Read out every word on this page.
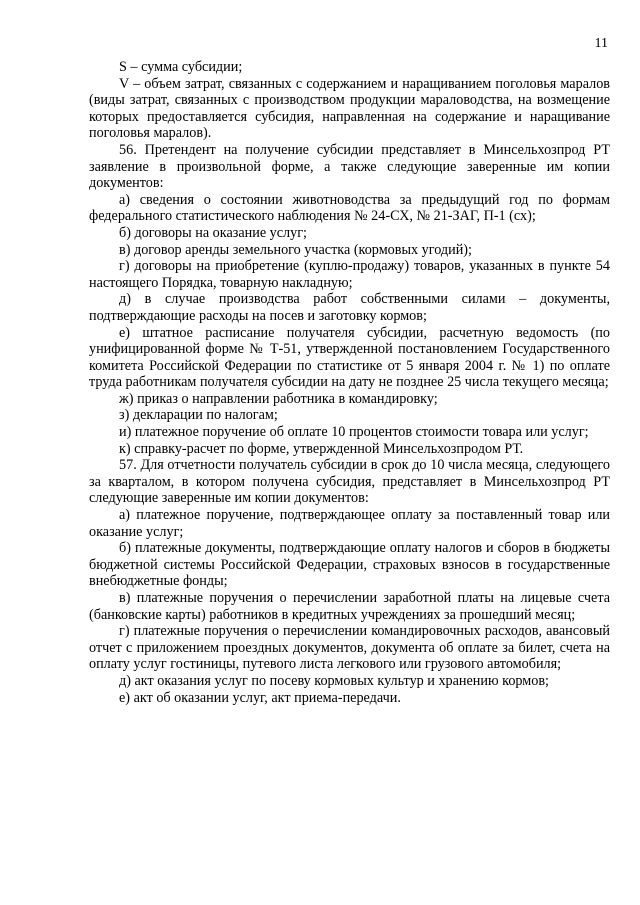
11

S – сумма субсидии;

V – объем затрат, связанных с содержанием и наращиванием поголовья маралов (виды затрат, связанных с производством продукции мараловодства, на возмещение которых предоставляется субсидия, направленная на содержание и наращивание поголовья маралов).

56. Претендент на получение субсидии представляет в Минсельхозпрод РТ заявление в произвольной форме, а также следующие заверенные им копии документов:

а) сведения о состоянии животноводства за предыдущий год по формам федерального статистического наблюдения № 24-СХ, № 21-ЗАГ, П-1 (сх);

б) договоры на оказание услуг;

в) договор аренды земельного участка (кормовых угодий);

г) договоры на приобретение (куплю-продажу) товаров, указанных в пункте 54 настоящего Порядка, товарную накладную;

д) в случае производства работ собственными силами – документы, подтверждающие расходы на посев и заготовку кормов;

е) штатное расписание получателя субсидии, расчетную ведомость (по унифицированной форме № Т-51, утвержденной постановлением Государственного комитета Российской Федерации по статистике от 5 января 2004 г. № 1) по оплате труда работникам получателя субсидии на дату не позднее 25 числа текущего месяца;

ж) приказ о направлении работника в командировку;

з) декларации по налогам;

и) платежное поручение об оплате 10 процентов стоимости товара или услуг;

к) справку-расчет по форме, утвержденной Минсельхозпродом РТ.

57. Для отчетности получатель субсидии в срок до 10 числа месяца, следующего за кварталом, в котором получена субсидия, представляет в Минсельхозпрод РТ следующие заверенные им копии документов:

а) платежное поручение, подтверждающее оплату за поставленный товар или оказание услуг;

б) платежные документы, подтверждающие оплату налогов и сборов в бюджеты бюджетной системы Российской Федерации, страховых взносов в государственные внебюджетные фонды;

в) платежные поручения о перечислении заработной платы на лицевые счета (банковские карты) работников в кредитных учреждениях за прошедший месяц;

г) платежные поручения о перечислении командировочных расходов, авансовый отчет с приложением проездных документов, документа об оплате за билет, счета на оплату услуг гостиницы, путевого листа легкового или грузового автомобиля;

д) акт оказания услуг по посеву кормовых культур и хранению кормов;

е) акт об оказании услуг, акт приема-передачи.
